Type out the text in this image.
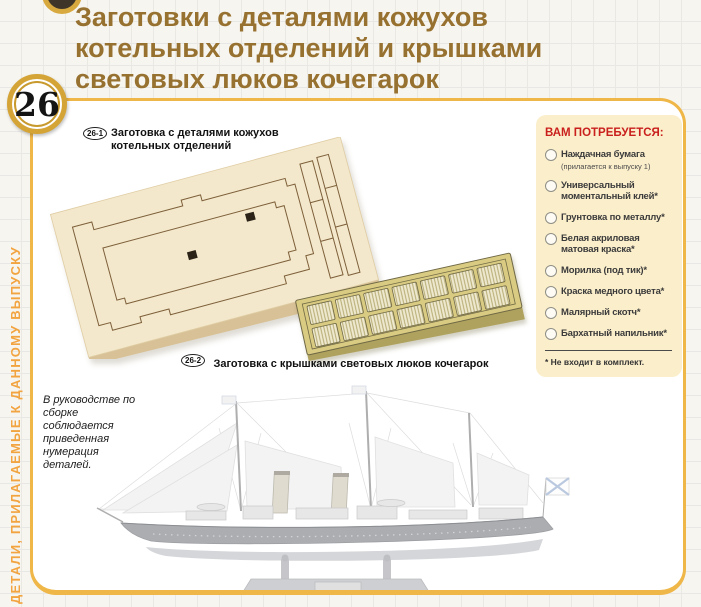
Заготовки с деталями кожухов котельных отделений и крышками световых люков кочегарок
ДЕТАЛИ, ПРИЛАГАЕМЫЕ К ДАННОМУ ВЫПУСКУ
26-1 Заготовка с деталями кожухов котельных отделений
26-2 Заготовка с крышками световых люков кочегарок
В руководстве по сборке соблюдается приведенная нумерация деталей.
ВАМ ПОТРЕБУЕТСЯ:
Наждачная бумага
(прилагается к выпуску 1)
Универсальный моментальный клей*
Грунтовка по металлу*
Белая акриловая матовая краска*
Морилка (под тик)*
Краска медного цвета*
Малярный скотч*
Бархатный напильник*
* Не входит в комплект.
26
